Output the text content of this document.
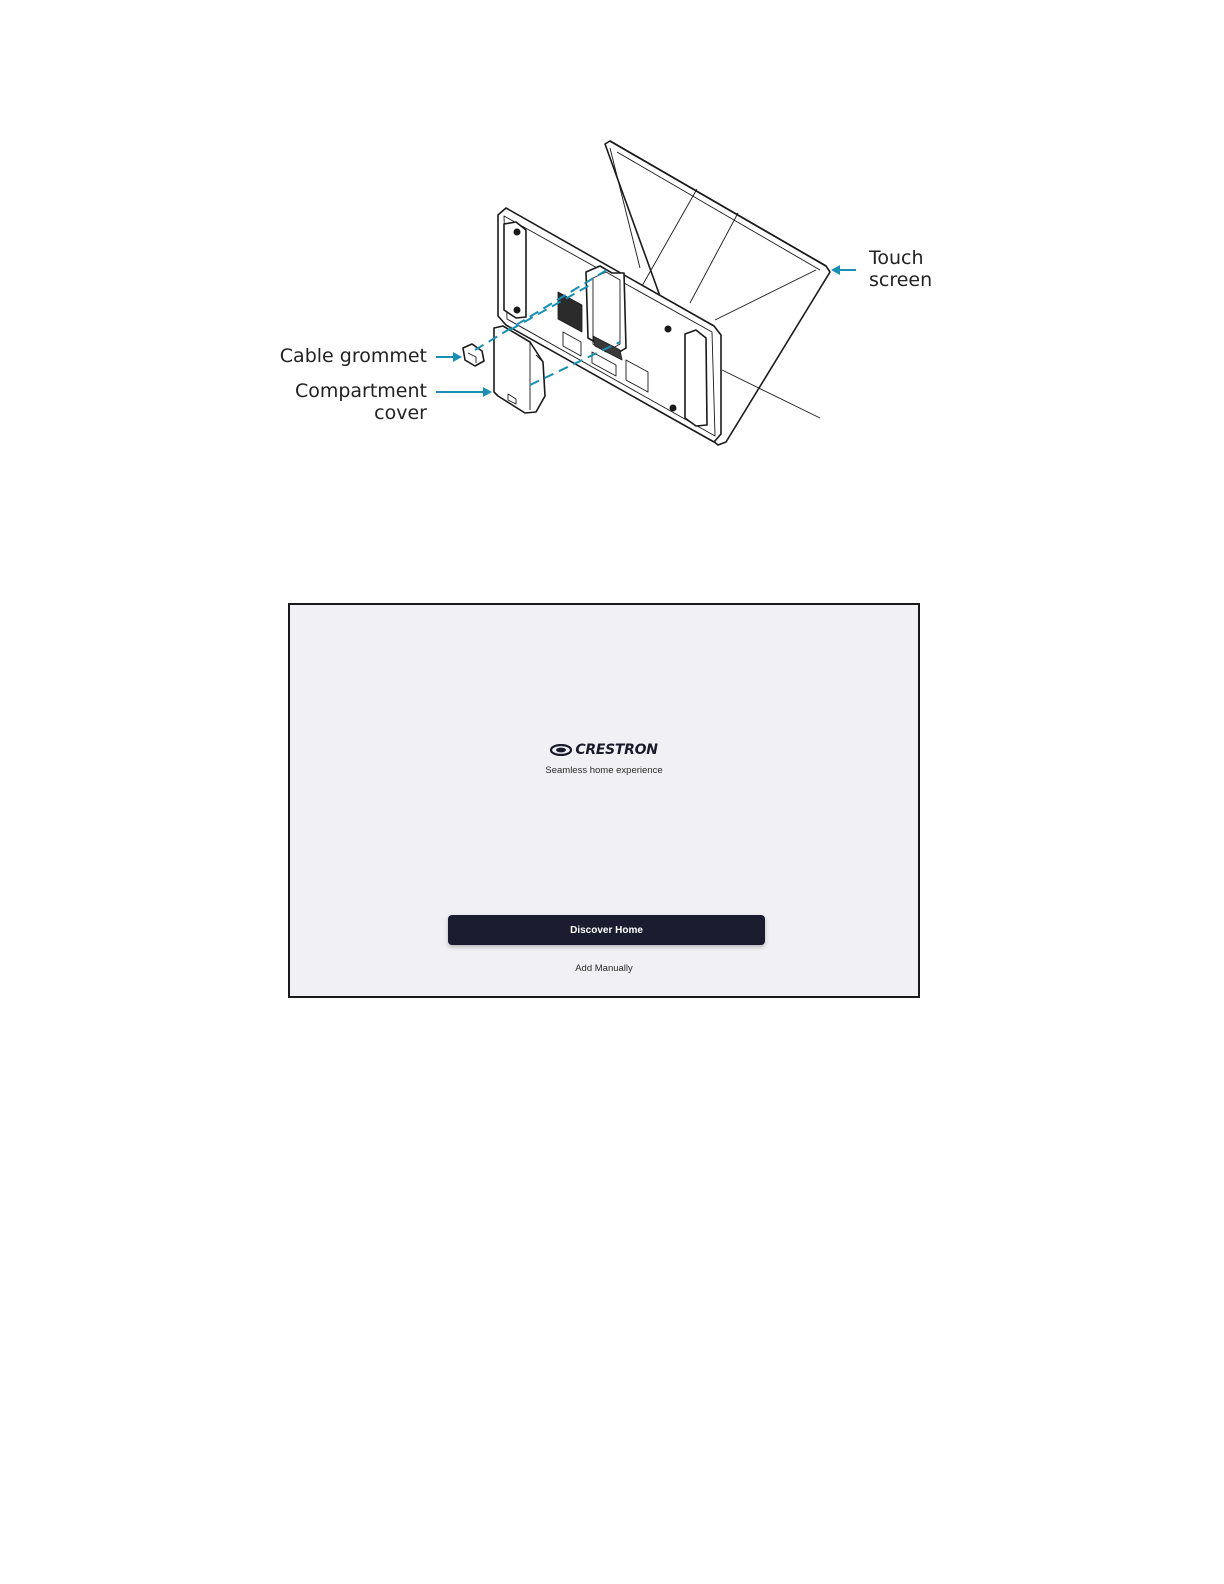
Touch
screen
Cable grommet
Compartment
cover
CRESTRON
Seamless home experience
Discover Home
Add Manually
